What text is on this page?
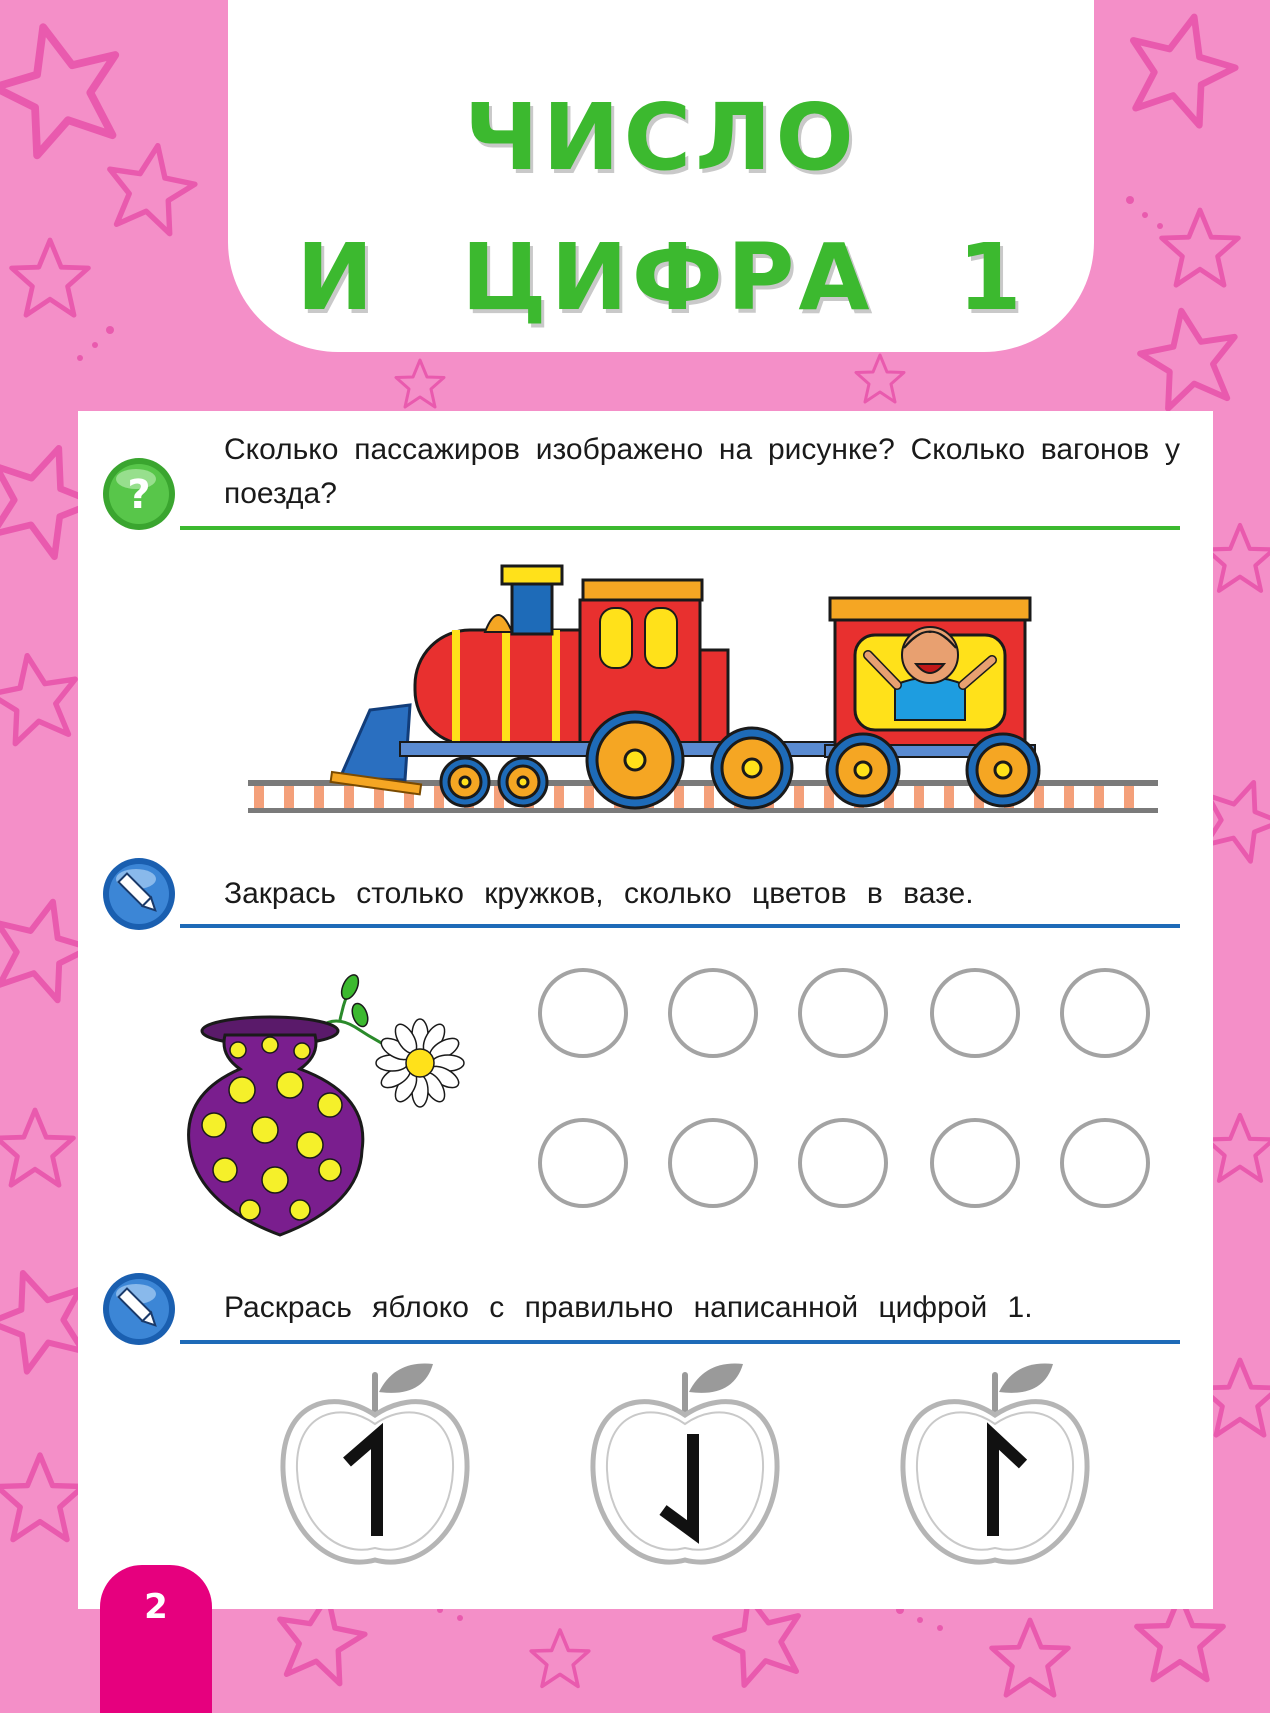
ЧИСЛО
И ЦИФРА 1
?
Сколько пассажиров изображено на рисунке? Сколько вагонов у поезда?
Закрась столько кружков, сколько цветов в вазе.
Раскрась яблоко с правильно написанной цифрой 1.
2
